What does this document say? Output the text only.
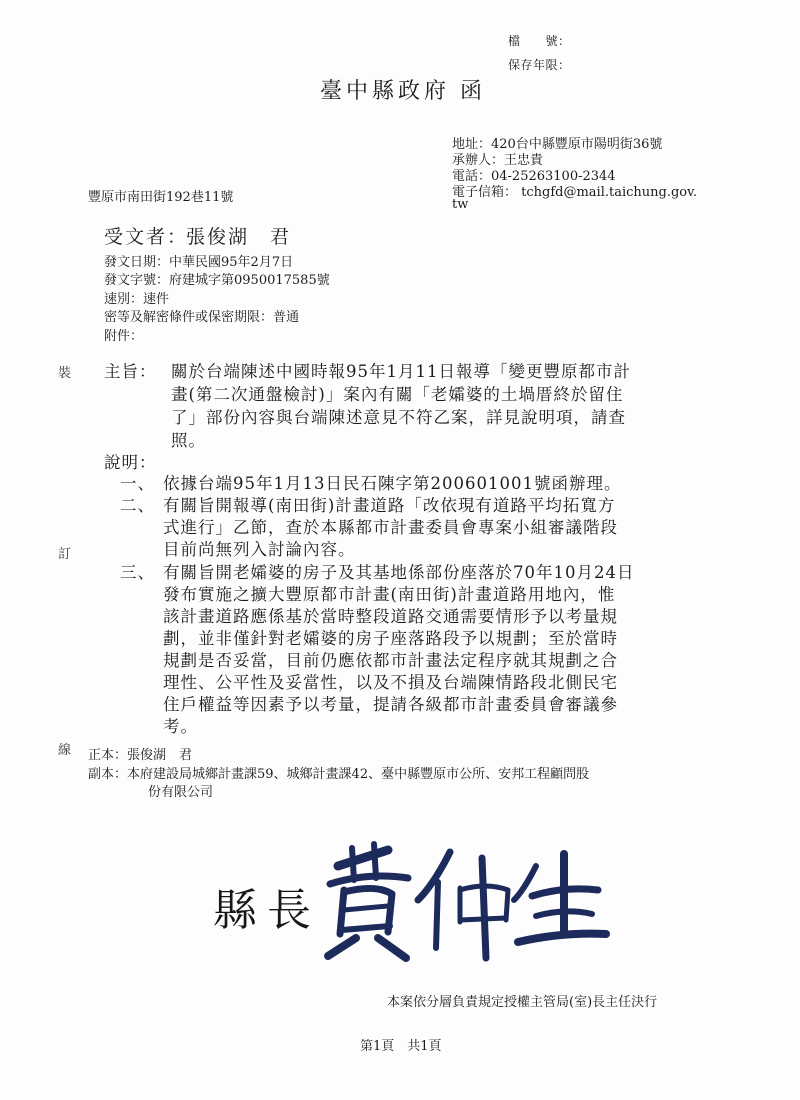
檔　　號：
保存年限：
臺中縣政府 函
地址：420台中縣豐原市陽明街36號
承辦人：王忠貴
電話：04-25263100-2344
電子信箱： tchgfd@mail.taichung.gov.
tw
豐原市南田街192巷11號
受文者：
張俊湖　君
發文日期：中華民國95年2月7日
發文字號：府建城字第0950017585號
速別：速件
密等及解密條件或保密期限：普通
附件：
裝
訂
線
主旨： 關於台端陳述中國時報95年1月11日報導「變更豐原都市計
畫(第二次通盤檢討)」案內有關「老孀婆的土堝厝終於留住
了」部份內容與台端陳述意見不符乙案，詳見說明項，請查
照。
說明：
一、 依據台端95年1月13日民石陳字第200601001號函辦理。
二、 有關旨開報導(南田街)計畫道路「改依現有道路平均拓寬方
式進行」乙節，查於本縣都市計畫委員會專案小組審議階段
目前尚無列入討論內容。
三、 有關旨開老孀婆的房子及其基地係部份座落於70年10月24日
發布實施之擴大豐原都市計畫(南田街)計畫道路用地內，惟
該計畫道路應係基於當時整段道路交通需要情形予以考量規
劃，並非僅針對老孀婆的房子座落路段予以規劃；至於當時
規劃是否妥當，目前仍應依都市計畫法定程序就其規劃之合
理性、公平性及妥當性，以及不損及台端陳情路段北側民宅
住戶權益等因素予以考量，提請各級都市計畫委員會審議參
考。
正本：張俊湖　君
副本：本府建設局城鄉計畫課59、城鄉計畫課42、臺中縣豐原市公所、安邦工程顧問股
份有限公司
縣長
本案依分層負責規定授權主管局(室)長主任決行
第1頁　共1頁
